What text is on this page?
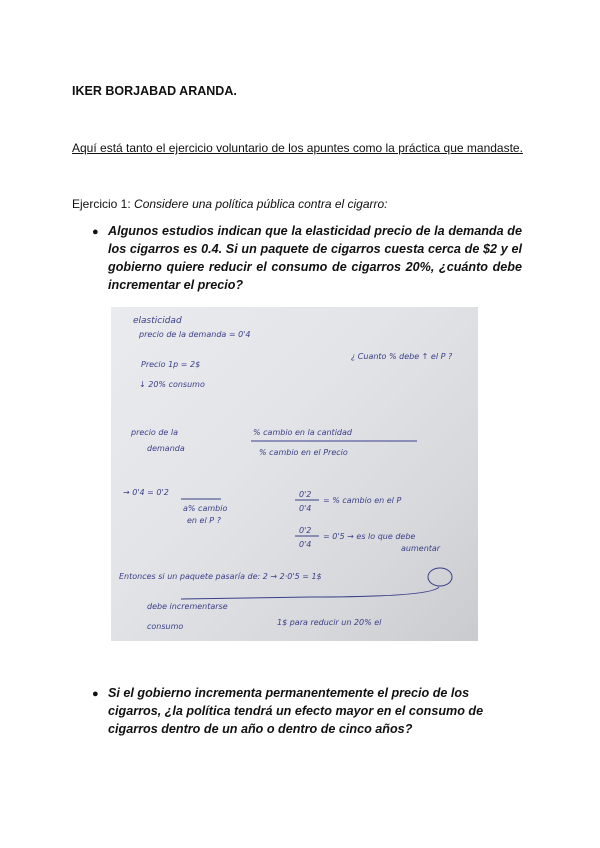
IKER BORJABAD ARANDA.
Aquí está tanto el ejercicio voluntario de los apuntes como la práctica que mandaste.
Ejercicio 1: Considere una política pública contra el cigarro:
● Algunos estudios indican que la elasticidad precio de la demanda de los cigarros es 0.4. Si un paquete de cigarros cuesta cerca de $2 y el gobierno quiere reducir el consumo de cigarros 20%, ¿cuánto debe incrementar el precio?
elasticidad
precio de la demanda = 0'4
Precio 1p = 2$
↓ 20% consumo
¿ Cuanto % debe ↑ el P ?
precio de la
demanda
% cambio en la cantidad
% cambio en el Precio
→ 0'4 = 0'2
a% cambio
en el P ?
0'2
0'4
= % cambio en el P
0'2
0'4
= 0'5 → es lo que debe
aumentar
Entonces si un paquete pasaría de: 2 → 2·0'5 = 1$
debe incrementarse
consumo	1$ para reducir un 20% el
● Si el gobierno incrementa permanentemente el precio de los cigarros, ¿la política tendrá un efecto mayor en el consumo de cigarros dentro de un año o dentro de cinco años?
